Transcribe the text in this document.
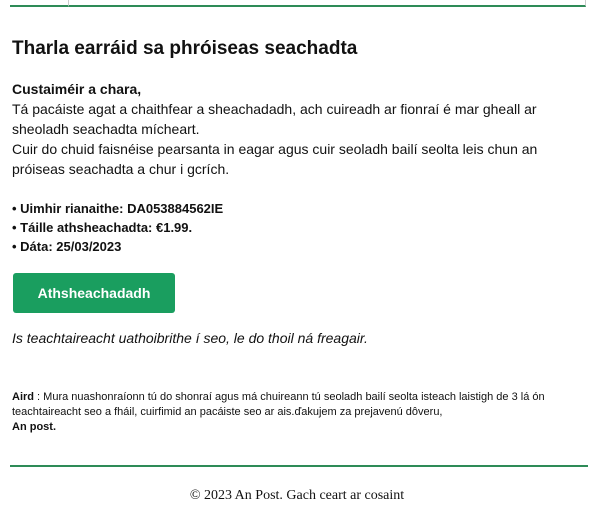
Tharla earráid sa phróiseas seachadta
Custaiméir a chara,

Tá pacáiste agat a chaithfear a sheachadadh, ach cuireadh ar fionraí é mar gheall ar sheoladh seachadta mícheart.

Cuir do chuid faisnéise pearsanta in eagar agus cuir seoladh bailí seolta leis chun an próiseas seachadta a chur i gcrích.

• Uimhir rianaithe: DA053884562IE
• Táille athsheachadta: €1.99.
• Dáta: 25/03/2023
Athsheachadadh
Is teachtaireacht uathoibrithe í seo, le do thoil ná freagair.
Aird : Mura nuashonraíonn tú do shonraí agus má chuireann tú seoladh bailí seolta isteach laistigh de 3 lá ón teachtaireacht seo a fháil, cuirfimid an pacáiste seo ar ais.ďakujem za prejavenú dôveru,
An post.
© 2023 An Post. Gach ceart ar cosaint
